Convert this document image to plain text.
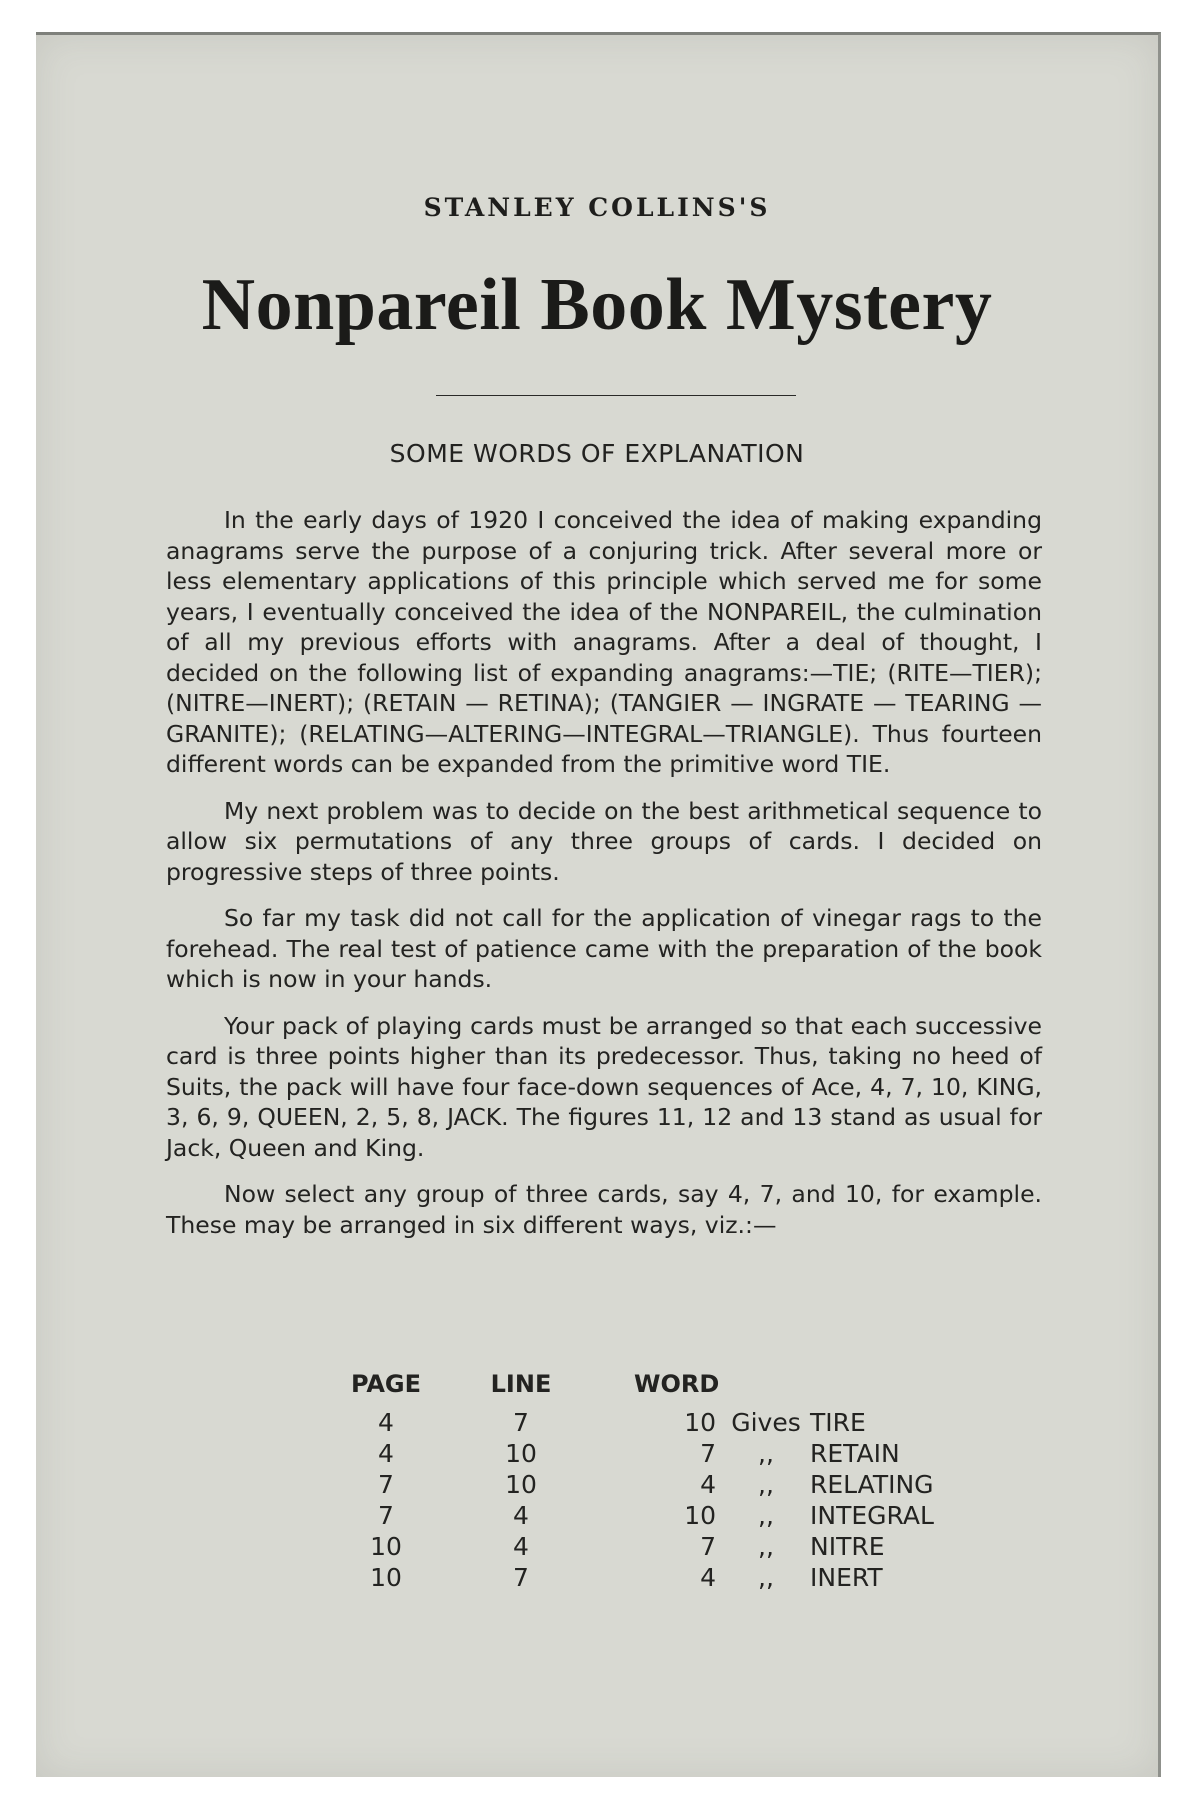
STANLEY COLLINS'S
Nonpareil Book Mystery
SOME WORDS OF EXPLANATION

In the early days of 1920 I conceived the idea of making expanding anagrams serve the purpose of a conjuring trick. After several more or less elementary applications of this principle which served me for some years, I eventually conceived the idea of the NONPAREIL, the culmination of all my previous efforts with anagrams. After a deal of thought, I decided on the following list of expanding anagrams:—TIE; (RITE—TIER); (NITRE—INERT); (RETAIN — RETINA); (TANGIER — INGRATE — TEARING — GRANITE); (RELATING—ALTERING—INTEGRAL—TRIANGLE). Thus fourteen different words can be expanded from the primitive word TIE.

My next problem was to decide on the best arithmetical sequence to allow six permutations of any three groups of cards. I decided on progressive steps of three points.

So far my task did not call for the application of vinegar rags to the forehead. The real test of patience came with the preparation of the book which is now in your hands.

Your pack of playing cards must be arranged so that each successive card is three points higher than its predecessor. Thus, taking no heed of Suits, the pack will have four face-down sequences of Ace, 4, 7, 10, KING, 3, 6, 9, QUEEN, 2, 5, 8, JACK. The figures 11, 12 and 13 stand as usual for Jack, Queen and King.

Now select any group of three cards, say 4, 7, and 10, for example. These may be arranged in six different ways, viz.:—

PAGE	LINE	WORD		
4	7	10	Gives	TIRE
4	10	7	,,	RETAIN
7	10	4	,,	RELATING
7	4	10	,,	INTEGRAL
10	4	7	,,	NITRE
10	7	4	,,	INERT
